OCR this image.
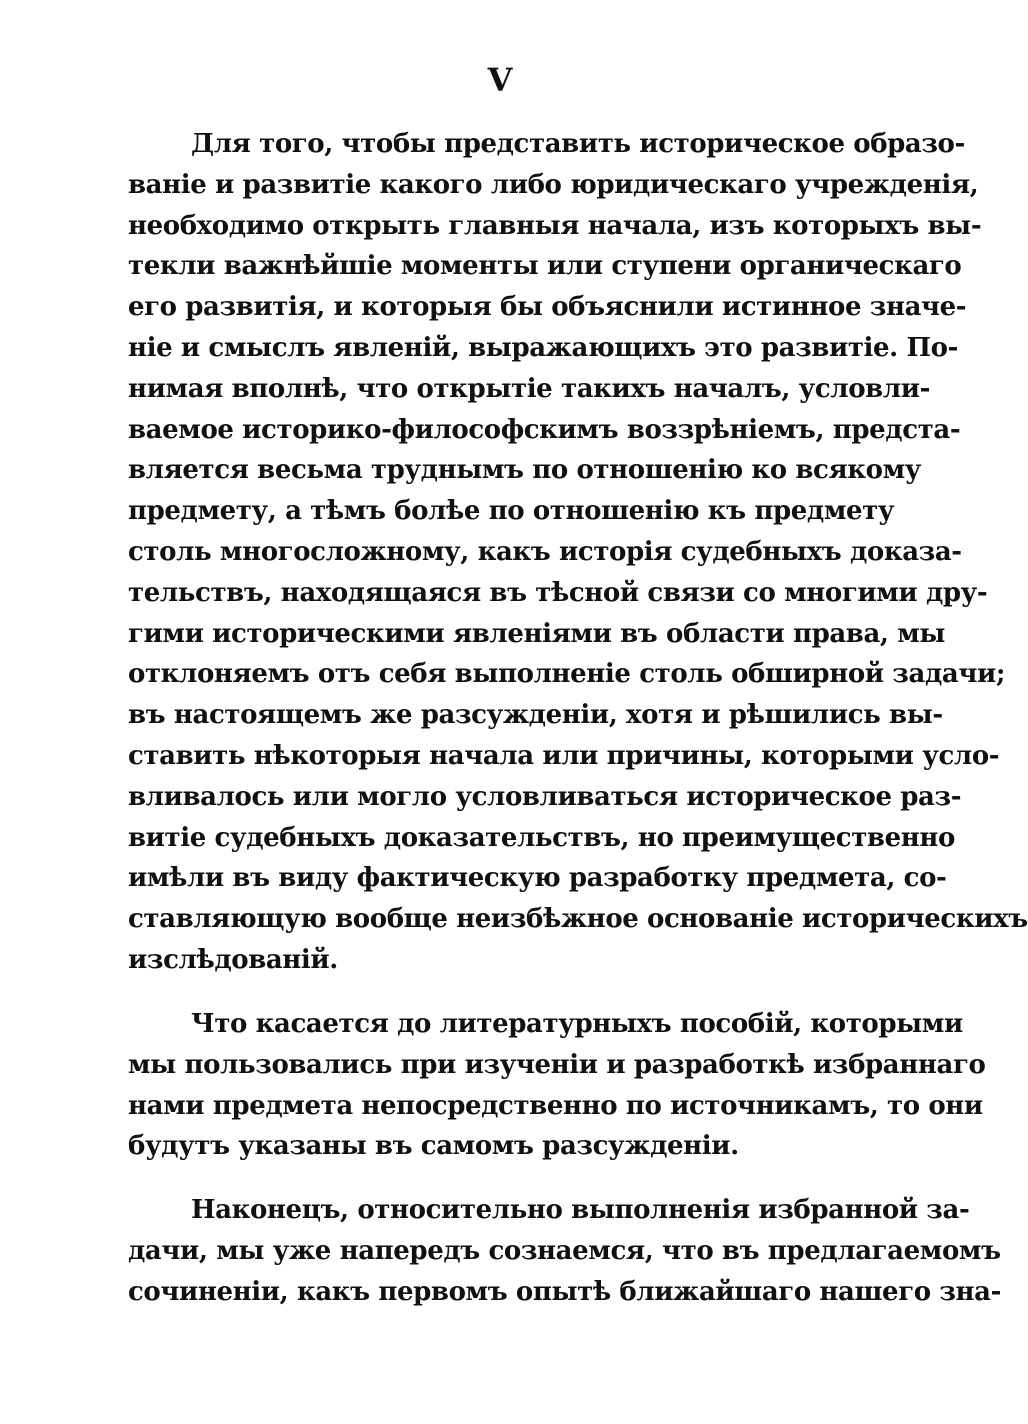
V
Для того, чтобы представить историческое образо-
ваніе и развитіе какого либо юридическаго учрежденія,
необходимо открыть главныя начала, изъ которыхъ вы-
текли важнѣйшіе моменты или ступени органическаго
его развитія, и которыя бы объяснили истинное значе-
ніе и смыслъ явленій, выражающихъ это развитіе. По-
нимая вполнѣ, что открытіе такихъ началъ, условли-
ваемое историко-философскимъ воззрѣніемъ, предста-
вляется весьма труднымъ по отношенію ко всякому
предмету, а тѣмъ болѣе по отношенію къ предмету
столь многосложному, какъ исторія судебныхъ доказа-
тельствъ, находящаяся въ тѣсной связи со многими дру-
гими историческими явленіями въ области права, мы
отклоняемъ отъ себя выполненіе столь обширной задачи;
въ настоящемъ же разсужденіи, хотя и рѣшились вы-
ставить нѣкоторыя начала или причины, которыми усло-
вливалось или могло условливаться историческое раз-
витіе судебныхъ доказательствъ, но преимущественно
имѣли въ виду фактическую разработку предмета, со-
ставляющую вообще неизбѣжное основаніе историческихъ
изслѣдованій.
Что касается до литературныхъ пособій, которыми
мы пользовались при изученіи и разработкѣ избраннаго
нами предмета непосредственно по источникамъ, то они
будутъ указаны въ самомъ разсужденіи.
Наконецъ, относительно выполненія избранной за-
дачи, мы уже напередъ сознаемся, что въ предлагаемомъ
сочиненіи, какъ первомъ опытѣ ближайшаго нашего зна-
